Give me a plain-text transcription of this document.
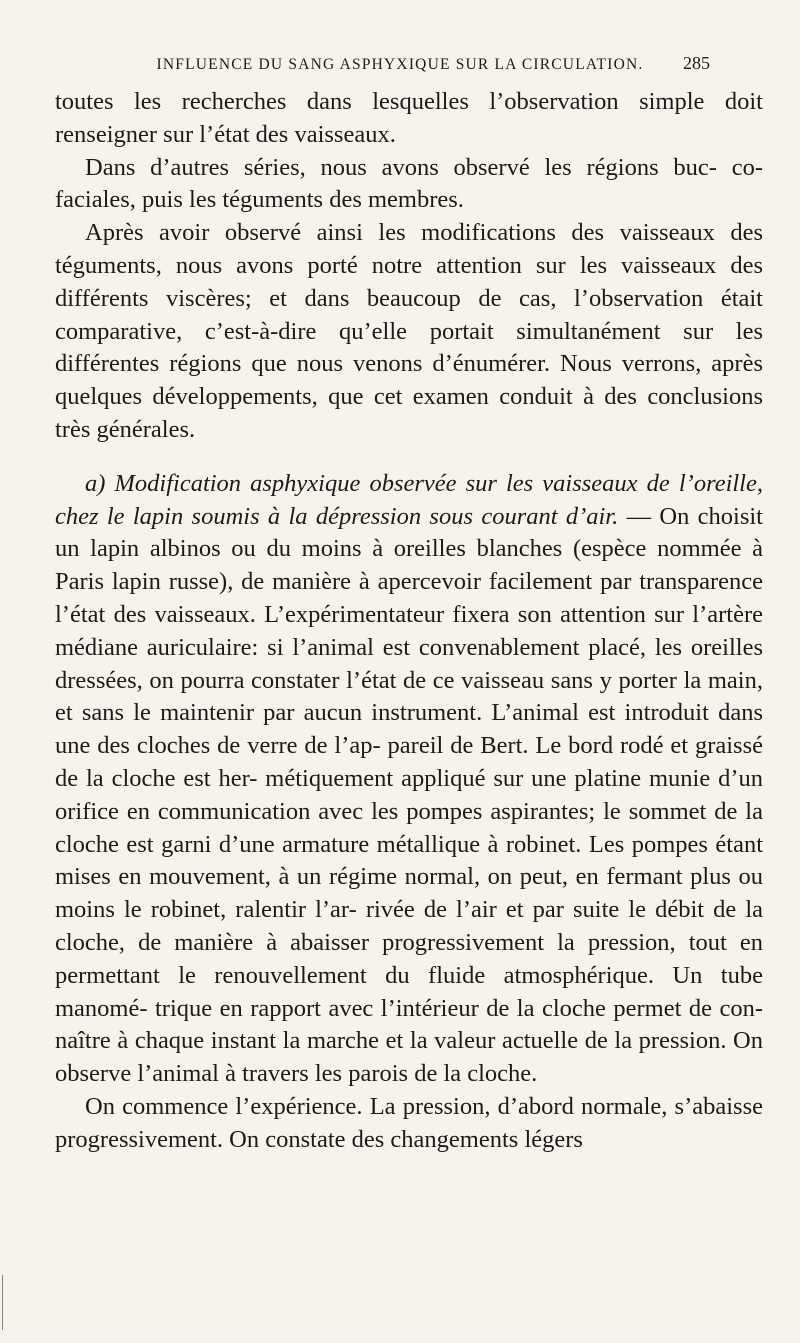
INFLUENCE DU SANG ASPHYXIQUE SUR LA CIRCULATION.	285

toutes les recherches dans lesquelles l’observation simple doit renseigner sur l’état des vaisseaux.

Dans d’autres séries, nous avons observé les régions buc- co-faciales, puis les téguments des membres.

Après avoir observé ainsi les modifications des vaisseaux des téguments, nous avons porté notre attention sur les vaisseaux des différents viscères; et dans beaucoup de cas, l’observation était comparative, c’est-à-dire qu’elle portait simultanément sur les différentes régions que nous venons d’énumérer. Nous verrons, après quelques développements, que cet examen conduit à des conclusions très générales.

a) Modification asphyxique observée sur les vaisseaux de l’oreille, chez le lapin soumis à la dépression sous courant d’air. — On choisit un lapin albinos ou du moins à oreilles blanches (espèce nommée à Paris lapin russe), de manière à apercevoir facilement par transparence l’état des vaisseaux. L’expérimentateur fixera son attention sur l’artère médiane auriculaire: si l’animal est convenablement placé, les oreilles dressées, on pourra constater l’état de ce vaisseau sans y porter la main, et sans le maintenir par aucun instrument. L’animal est introduit dans une des cloches de verre de l’ap- pareil de Bert. Le bord rodé et graissé de la cloche est her- métiquement appliqué sur une platine munie d’un orifice en communication avec les pompes aspirantes; le sommet de la cloche est garni d’une armature métallique à robinet. Les pompes étant mises en mouvement, à un régime normal, on peut, en fermant plus ou moins le robinet, ralentir l’ar- rivée de l’air et par suite le débit de la cloche, de manière à abaisser progressivement la pression, tout en permettant le renouvellement du fluide atmosphérique. Un tube manomé- trique en rapport avec l’intérieur de la cloche permet de con- naître à chaque instant la marche et la valeur actuelle de la pression. On observe l’animal à travers les parois de la cloche.

On commence l’expérience. La pression, d’abord normale, s’abaisse progressivement. On constate des changements légers
